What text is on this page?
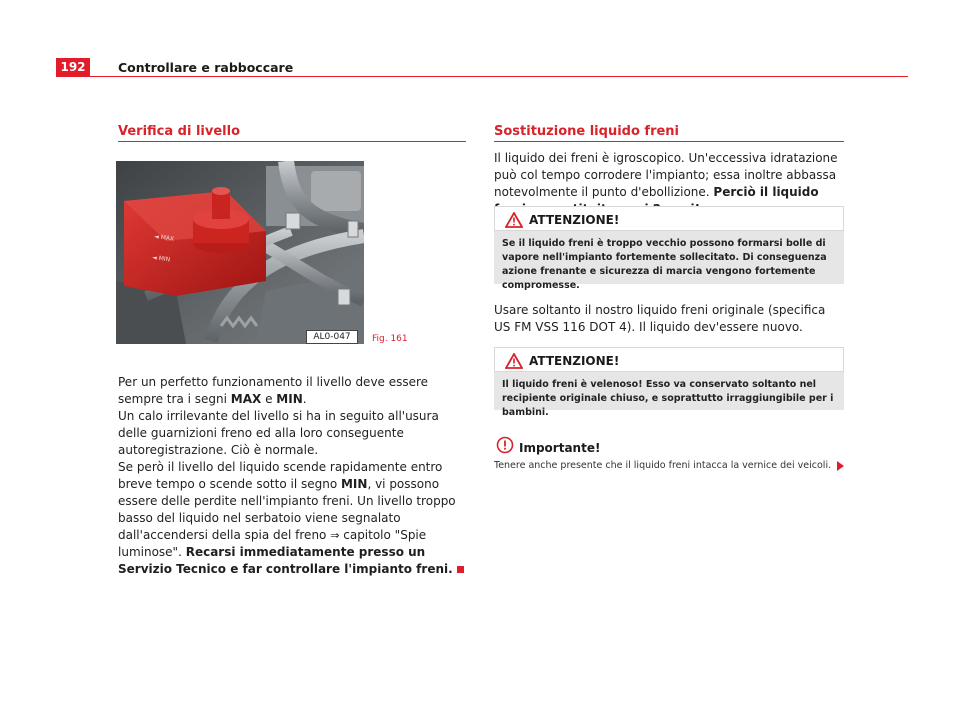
192	Controllare e rabboccare
Verifica di livello
◄ MAX
◄ MIN
AL0-047	Fig. 161
Per un perfetto funzionamento il livello deve essere sempre tra i segni MAX e MIN.
Un calo irrilevante del livello si ha in seguito all'usura delle guarnizioni freno ed alla loro conseguente autoregistrazione. Ciò è normale.
Se però il livello del liquido scende rapidamente entro breve tempo o scende sotto il segno MIN, vi possono essere delle perdite nell'impianto freni. Un livello troppo basso del liquido nel serbatoio viene segnalato dall'accendersi della spia del freno ⇒ capitolo "Spie luminose". Recarsi immediatamente presso un Servizio Tecnico e far controllare l'impianto freni.
Sostituzione liquido freni
Il liquido dei freni è igroscopico. Un'eccessiva idratazione può col tempo corrodere l'impianto; essa inoltre abbassa notevolmente il punto d'ebollizione. Perciò il liquido
ATTENZIONE!
Se il liquido freni è troppo vecchio possono formarsi bolle di vapore nell'impianto fortemente sollecitato. Di conseguenza azione frenante e sicurezza di marcia vengono fortemente compromesse.
Usare soltanto il nostro liquido freni originale (specifica US FM VSS 116 DOT 4). Il liquido dev'essere nuovo.
ATTENZIONE!
Il liquido freni è velenoso! Esso va conservato soltanto nel recipiente originale chiuso, e soprattutto irraggiungibile per i bambini.
Importante!
Tenere anche presente che il liquido freni intacca la vernice dei veicoli.
